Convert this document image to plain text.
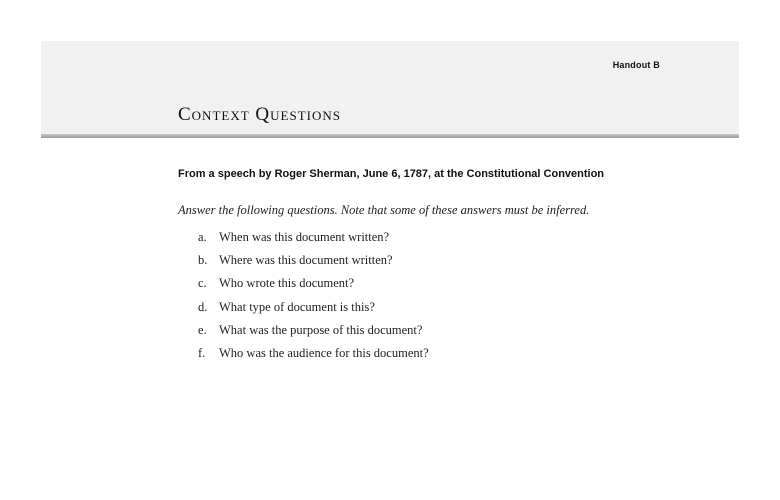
Handout B
Context Questions
From a speech by Roger Sherman, June 6, 1787, at the Constitutional Convention
Answer the following questions. Note that some of these answers must be inferred.
a. When was this document written?
b. Where was this document written?
c. Who wrote this document?
d. What type of document is this?
e. What was the purpose of this document?
f.	Who was the audience for this document?
